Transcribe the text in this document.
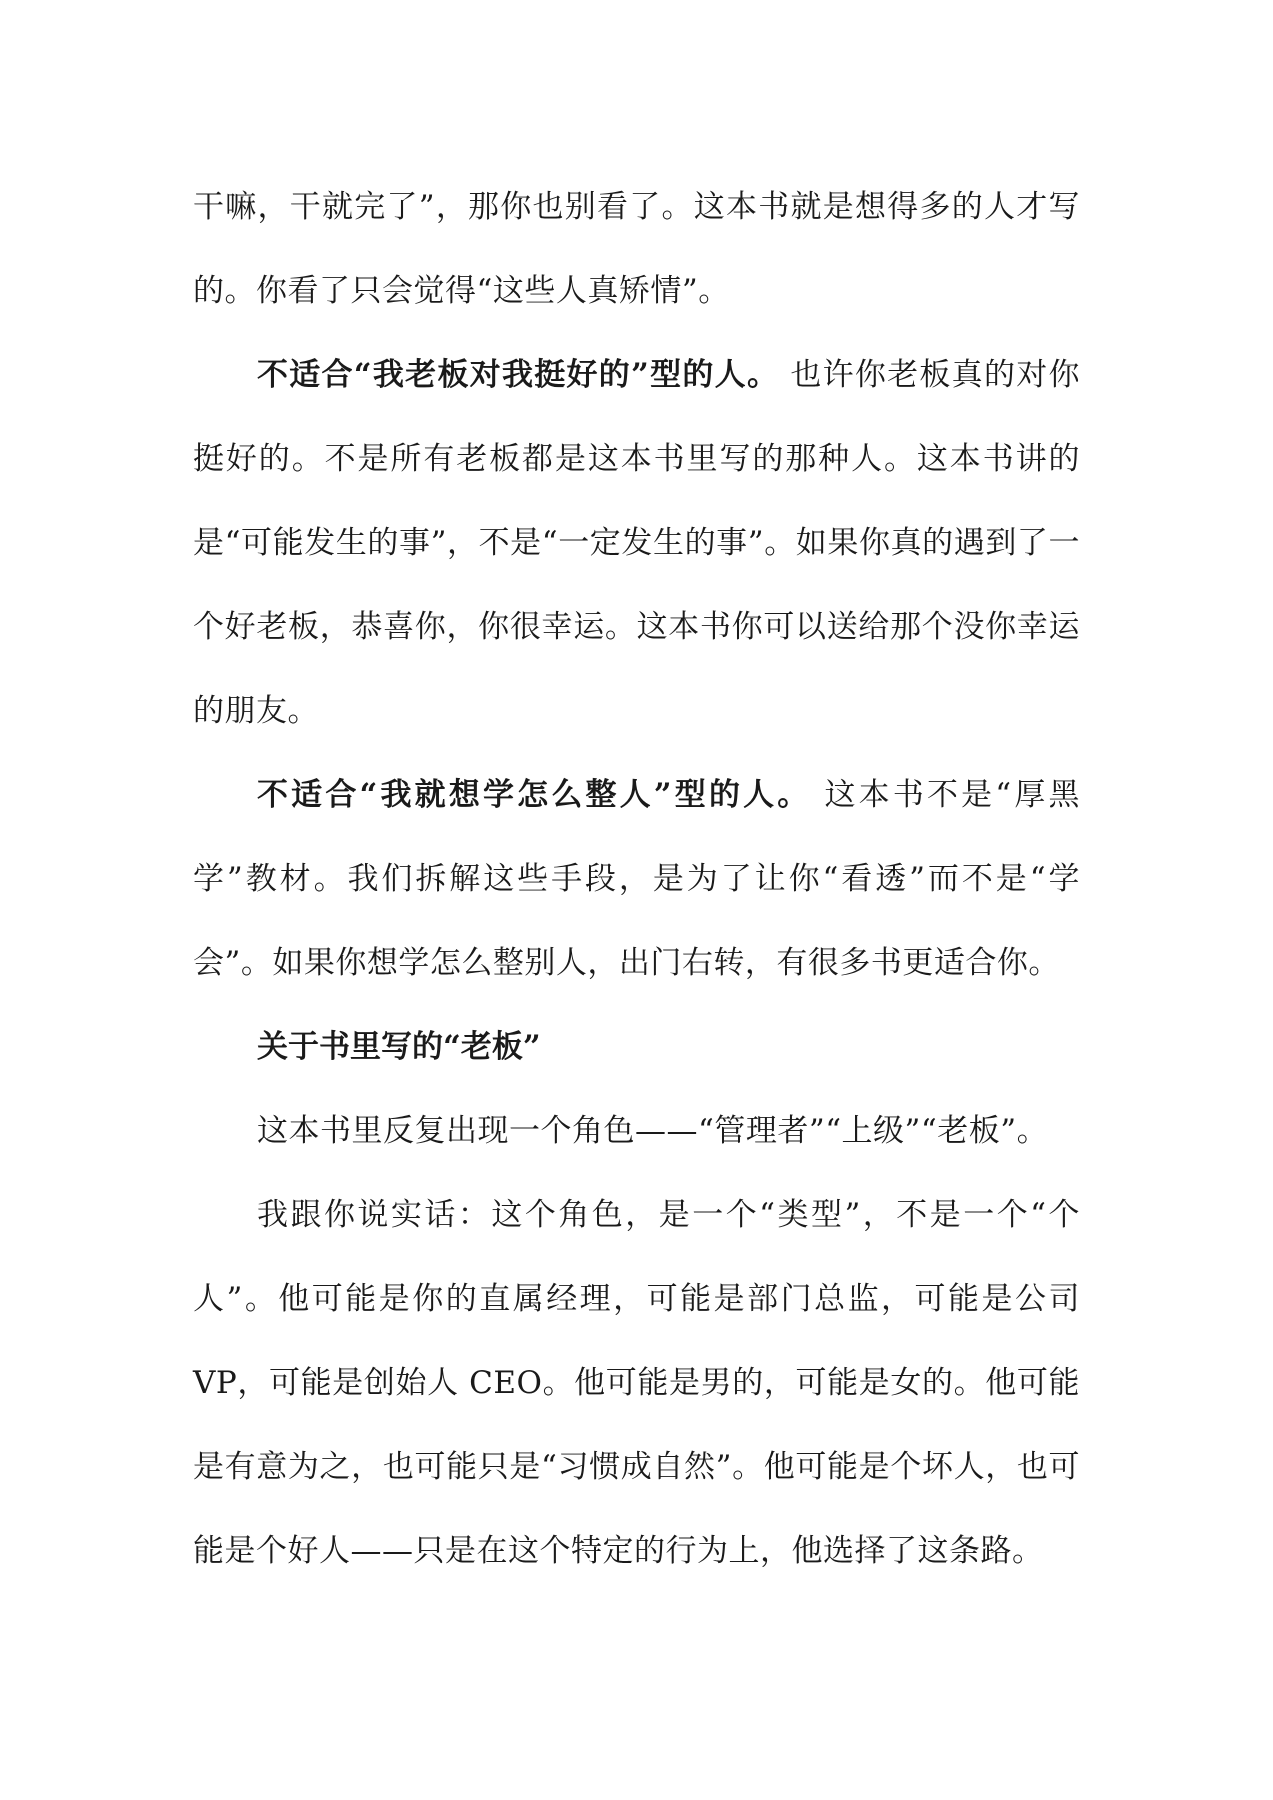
干嘛，干就完了”，那你也别看了。这本书就是想得多的人才写的。你看了只会觉得“这些人真矫情”。

不适合“我老板对我挺好的”型的人。 也许你老板真的对你挺好的。不是所有老板都是这本书里写的那种人。这本书讲的是“可能发生的事”，不是“一定发生的事”。如果你真的遇到了一个好老板，恭喜你，你很幸运。这本书你可以送给那个没你幸运的朋友。

不适合“我就想学怎么整人”型的人。 这本书不是“厚黑学”教材。我们拆解这些手段，是为了让你“看透”而不是“学会”。如果你想学怎么整别人，出门右转，有很多书更适合你。

关于书里写的“老板”

这本书里反复出现一个角色——“管理者”“上级”“老板”。

我跟你说实话：这个角色，是一个“类型”，不是一个“个人”。他可能是你的直属经理，可能是部门总监，可能是公司 VP，可能是创始人 CEO。他可能是男的，可能是女的。他可能是有意为之，也可能只是“习惯成自然”。他可能是个坏人，也可能是个好人——只是在这个特定的行为上，他选择了这条路。
